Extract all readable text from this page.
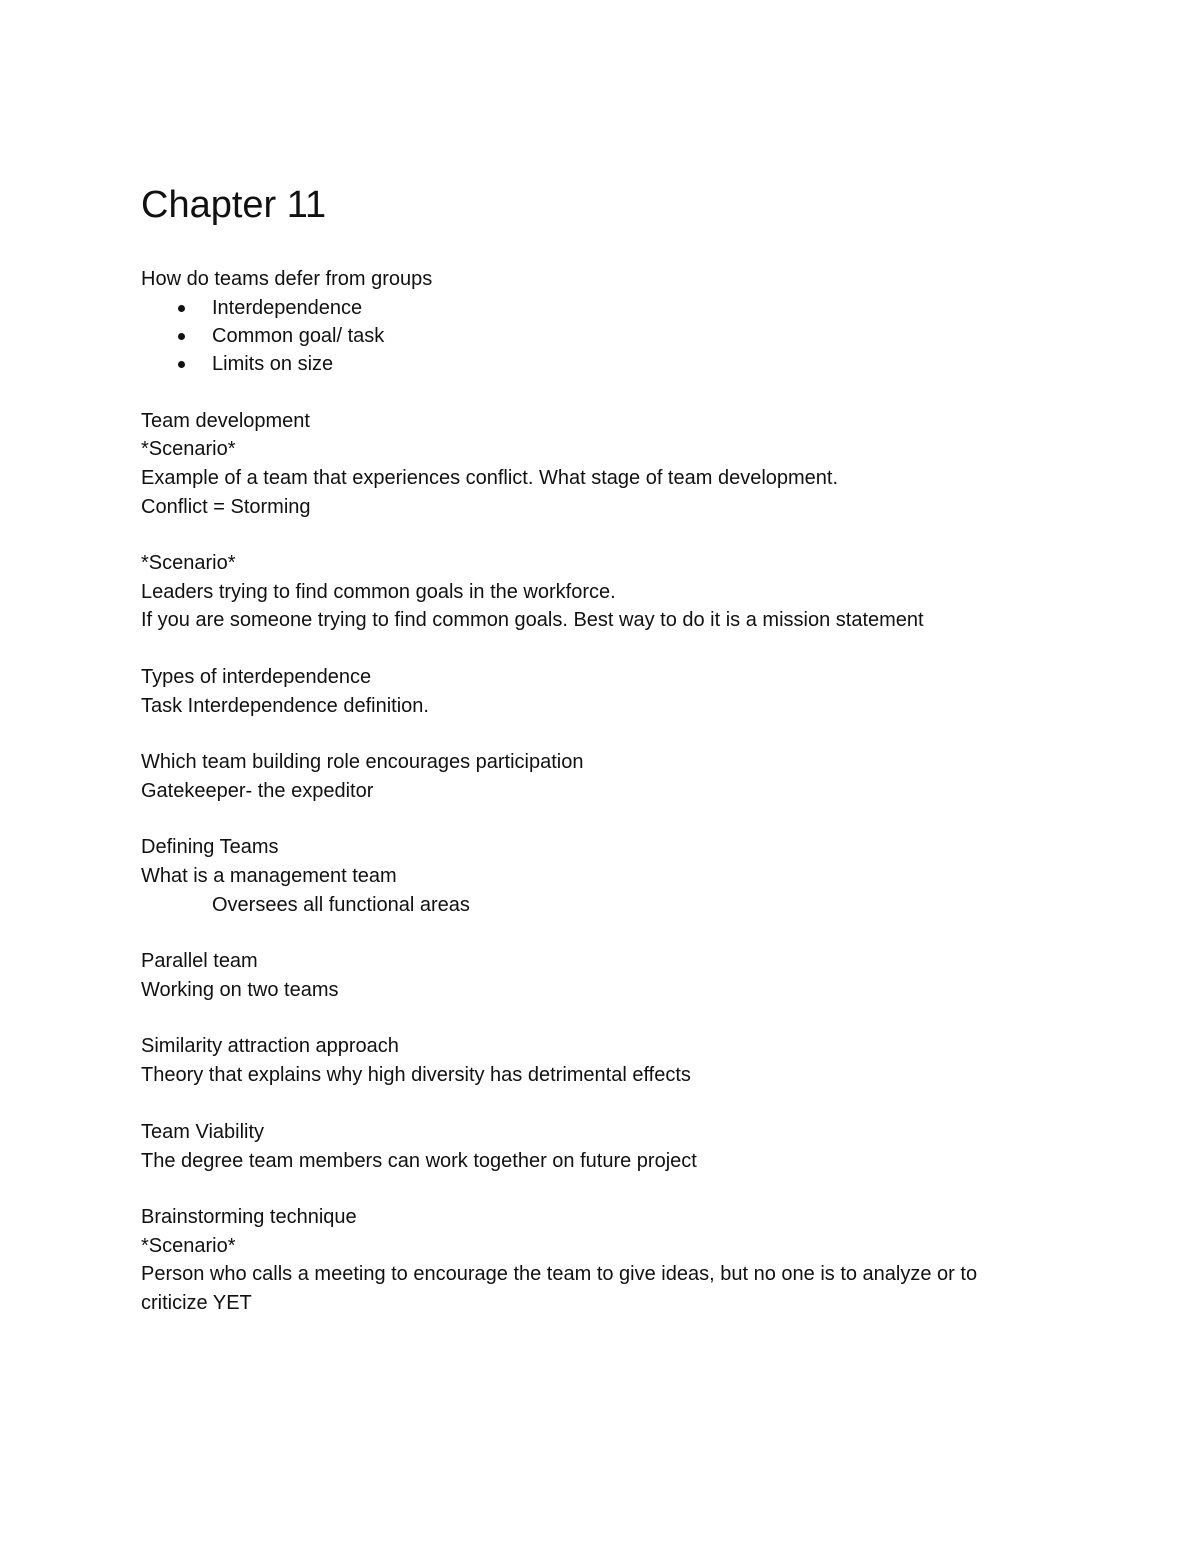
Chapter 11

How do teams defer from groups

Interdependence
Common goal/ task
Limits on size

Team development

*Scenario*

Example of a team that experiences conflict. What stage of team development.

Conflict = Storming

*Scenario*

Leaders trying to find common goals in the workforce.

If you are someone trying to find common goals. Best way to do it is a mission statement

Types of interdependence

Task Interdependence definition.

Which team building role encourages participation

Gatekeeper- the expeditor

Defining Teams

What is a management team

Oversees all functional areas

Parallel team

Working on two teams

Similarity attraction approach

Theory that explains why high diversity has detrimental effects

Team Viability

The degree team members can work together on future project

Brainstorming technique

*Scenario*

Person who calls a meeting to encourage the team to give ideas, but no one is to analyze or to

criticize YET
